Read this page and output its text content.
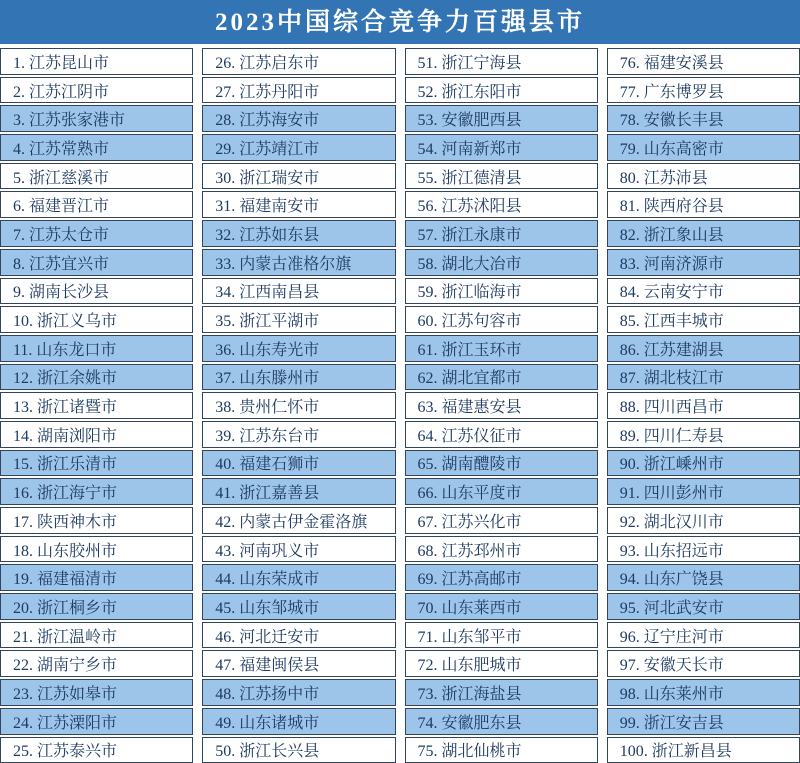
2023中国综合竞争力百强县市
1. 江苏昆山市
2. 江苏江阴市
3. 江苏张家港市
4. 江苏常熟市
5. 浙江慈溪市
6. 福建晋江市
7. 江苏太仓市
8. 江苏宜兴市
9. 湖南长沙县
10. 浙江义乌市
11. 山东龙口市
12. 浙江余姚市
13. 浙江诸暨市
14. 湖南浏阳市
15. 浙江乐清市
16. 浙江海宁市
17. 陕西神木市
18. 山东胶州市
19. 福建福清市
20. 浙江桐乡市
21. 浙江温岭市
22. 湖南宁乡市
23. 江苏如皋市
24. 江苏溧阳市
25. 江苏泰兴市
26. 江苏启东市
27. 江苏丹阳市
28. 江苏海安市
29. 江苏靖江市
30. 浙江瑞安市
31. 福建南安市
32. 江苏如东县
33. 内蒙古准格尔旗
34. 江西南昌县
35. 浙江平湖市
36. 山东寿光市
37. 山东滕州市
38. 贵州仁怀市
39. 江苏东台市
40. 福建石狮市
41. 浙江嘉善县
42. 内蒙古伊金霍洛旗
43. 河南巩义市
44. 山东荣成市
45. 山东邹城市
46. 河北迁安市
47. 福建闽侯县
48. 江苏扬中市
49. 山东诸城市
50. 浙江长兴县
51. 浙江宁海县
52. 浙江东阳市
53. 安徽肥西县
54. 河南新郑市
55. 浙江德清县
56. 江苏沭阳县
57. 浙江永康市
58. 湖北大冶市
59. 浙江临海市
60. 江苏句容市
61. 浙江玉环市
62. 湖北宜都市
63. 福建惠安县
64. 江苏仪征市
65. 湖南醴陵市
66. 山东平度市
67. 江苏兴化市
68. 江苏邳州市
69. 江苏高邮市
70. 山东莱西市
71. 山东邹平市
72. 山东肥城市
73. 浙江海盐县
74. 安徽肥东县
75. 湖北仙桃市
76. 福建安溪县
77. 广东博罗县
78. 安徽长丰县
79. 山东高密市
80. 江苏沛县
81. 陕西府谷县
82. 浙江象山县
83. 河南济源市
84. 云南安宁市
85. 江西丰城市
86. 江苏建湖县
87. 湖北枝江市
88. 四川西昌市
89. 四川仁寿县
90. 浙江嵊州市
91. 四川彭州市
92. 湖北汉川市
93. 山东招远市
94. 山东广饶县
95. 河北武安市
96. 辽宁庄河市
97. 安徽天长市
98. 山东莱州市
99. 浙江安吉县
100. 浙江新昌县
